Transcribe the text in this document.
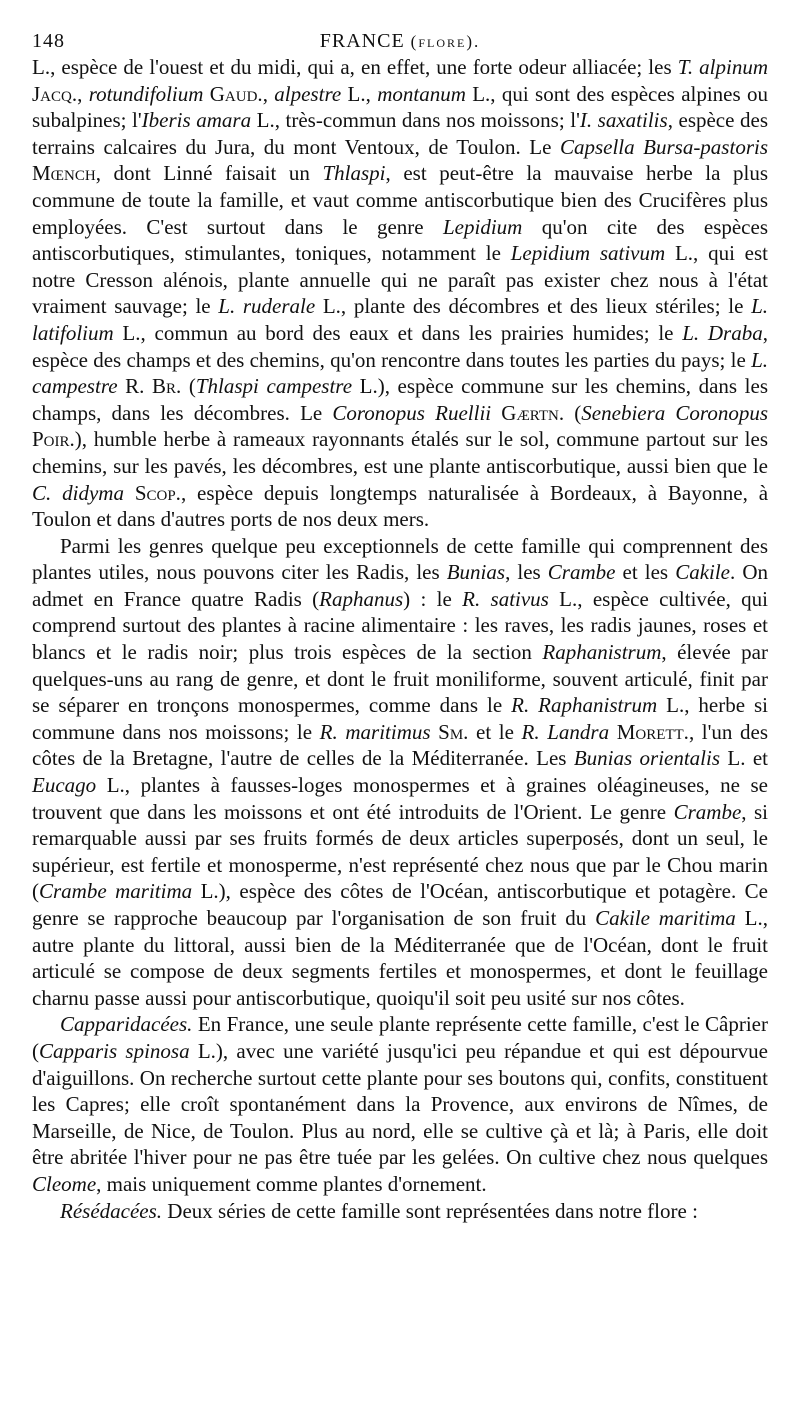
148	FRANCE (flore).

L., espèce de l'ouest et du midi, qui a, en effet, une forte odeur alliacée; les T. alpinum Jacq., rotundifolium Gaud., alpestre L., montanum L., qui sont des espèces alpines ou subalpines; l'Iberis amara L., très-commun dans nos moissons; l'I. saxatilis, espèce des terrains calcaires du Jura, du mont Ventoux, de Toulon. Le Capsella Bursa-pastoris Mœnch, dont Linné faisait un Thlaspi, est peut-être la mauvaise herbe la plus commune de toute la famille, et vaut comme antiscorbutique bien des Crucifères plus employées. C'est surtout dans le genre Lepidium qu'on cite des espèces antiscorbutiques, stimulantes, toniques, notamment le Lepidium sativum L., qui est notre Cresson alénois, plante annuelle qui ne paraît pas exister chez nous à l'état vraiment sauvage; le L. ruderale L., plante des décombres et des lieux stériles; le L. latifolium L., commun au bord des eaux et dans les prairies humides; le L. Draba, espèce des champs et des chemins, qu'on rencontre dans toutes les parties du pays; le L. campestre R. Br. (Thlaspi campestre L.), espèce commune sur les chemins, dans les champs, dans les décombres. Le Coronopus Ruellii Gærtn. (Senebiera Coronopus Poir.), humble herbe à rameaux rayonnants étalés sur le sol, commune partout sur les chemins, sur les pavés, les décombres, est une plante antiscorbutique, aussi bien que le C. didyma Scop., espèce depuis longtemps naturalisée à Bordeaux, à Bayonne, à Toulon et dans d'autres ports de nos deux mers.

Parmi les genres quelque peu exceptionnels de cette famille qui comprennent des plantes utiles, nous pouvons citer les Radis, les Bunias, les Crambe et les Cakile. On admet en France quatre Radis (Raphanus) : le R. sativus L., espèce cultivée, qui comprend surtout des plantes à racine alimentaire : les raves, les radis jaunes, roses et blancs et le radis noir; plus trois espèces de la section Raphanistrum, élevée par quelques-uns au rang de genre, et dont le fruit moniliforme, souvent articulé, finit par se séparer en tronçons monospermes, comme dans le R. Raphanistrum L., herbe si commune dans nos moissons; le R. maritimus Sm. et le R. Landra Morett., l'un des côtes de la Bretagne, l'autre de celles de la Méditerranée. Les Bunias orientalis L. et Eucago L., plantes à fausses-loges monospermes et à graines oléagineuses, ne se trouvent que dans les moissons et ont été introduits de l'Orient. Le genre Crambe, si remarquable aussi par ses fruits formés de deux articles superposés, dont un seul, le supérieur, est fertile et monosperme, n'est représenté chez nous que par le Chou marin (Crambe maritima L.), espèce des côtes de l'Océan, antiscorbutique et potagère. Ce genre se rapproche beaucoup par l'organisation de son fruit du Cakile maritima L., autre plante du littoral, aussi bien de la Méditerranée que de l'Océan, dont le fruit articulé se compose de deux segments fertiles et monospermes, et dont le feuillage charnu passe aussi pour antiscorbutique, quoiqu'il soit peu usité sur nos côtes.

Capparidacées. En France, une seule plante représente cette famille, c'est le Câprier (Capparis spinosa L.), avec une variété jusqu'ici peu répandue et qui est dépourvue d'aiguillons. On recherche surtout cette plante pour ses boutons qui, confits, constituent les Capres; elle croît spontanément dans la Provence, aux environs de Nîmes, de Marseille, de Nice, de Toulon. Plus au nord, elle se cultive çà et là; à Paris, elle doit être abritée l'hiver pour ne pas être tuée par les gelées. On cultive chez nous quelques Cleome, mais uniquement comme plantes d'ornement.

Résédacées. Deux séries de cette famille sont représentées dans notre flore :
